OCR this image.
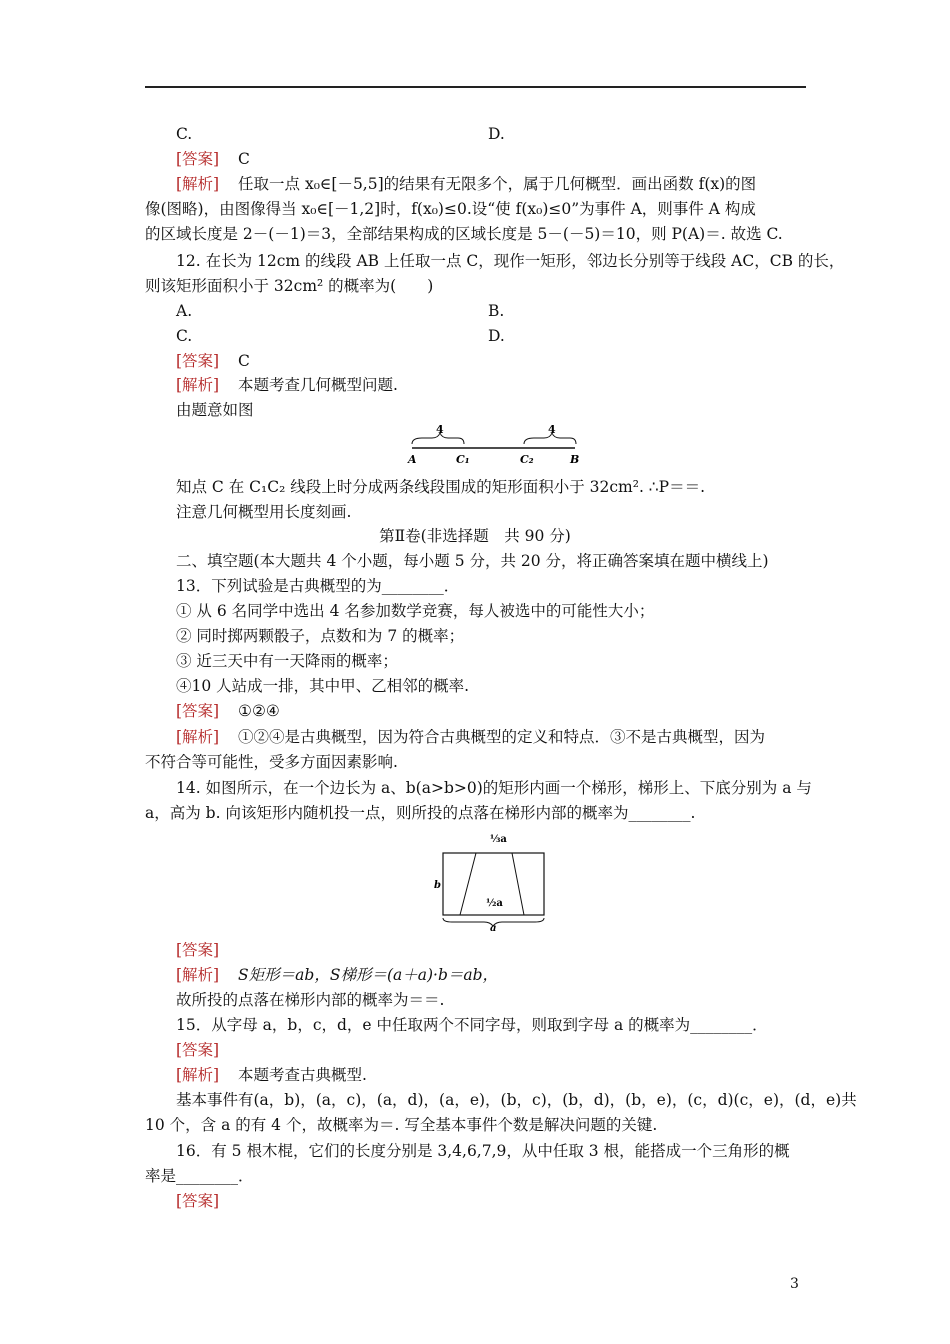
C.	D.
[答案] C
[解析] 任取一点 x₀∈[－5,5]的结果有无限多个，属于几何概型．画出函数 f(x)的图
像(图略)，由图像得当 x₀∈[－1,2]时，f(x₀)≤0.设“使 f(x₀)≤0”为事件 A，则事件 A 构成
的区域长度是 2－(－1)＝3，全部结果构成的区域长度是 5－(－5)＝10，则 P(A)＝. 故选 C.
12. 在长为 12cm 的线段 AB 上任取一点 C，现作一矩形，邻边长分别等于线段 AC，CB 的长，
则该矩形面积小于 32cm² 的概率为(　　)
A.	B.
C.	D.
[答案] C
[解析] 本题考查几何概型问题.
由题意如图
4	4
A	C₁	C₂	B
知点 C 在 C₁C₂ 线段上时分成两条线段围成的矩形面积小于 32cm². ∴P＝＝.
注意几何概型用长度刻画.
第Ⅱ卷(非选择题　共 90 分)
二、填空题(本大题共 4 个小题，每小题 5 分，共 20 分，将正确答案填在题中横线上)
13．下列试验是古典概型的为________．
① 从 6 名同学中选出 4 名参加数学竞赛，每人被选中的可能性大小；
② 同时掷两颗骰子，点数和为 7 的概率；
③ 近三天中有一天降雨的概率；
④10 人站成一排，其中甲、乙相邻的概率.
[答案] ①②④
[解析] ①②④是古典概型，因为符合古典概型的定义和特点．③不是古典概型，因为
不符合等可能性，受多方面因素影响.
14. 如图所示，在一个边长为 a、b(a>b>0)的矩形内画一个梯形，梯形上、下底分别为 a 与
a，高为 b. 向该矩形内随机投一点，则所投的点落在梯形内部的概率为________.
⅓a
½a
b
a
[答案]
[解析] S矩形＝ab，S梯形＝(a＋a)·b＝ab，
故所投的点落在梯形内部的概率为＝＝.
15．从字母 a，b，c，d，e 中任取两个不同字母，则取到字母 a 的概率为________．
[答案]
[解析] 本题考查古典概型.
基本事件有(a，b)，(a，c)，(a，d)，(a，e)，(b，c)，(b，d)，(b，e)，(c，d)(c，e)，(d，e)共
10 个，含 a 的有 4 个，故概率为＝. 写全基本事件个数是解决问题的关键.
16．有 5 根木棍，它们的长度分别是 3,4,6,7,9，从中任取 3 根，能搭成一个三角形的概
率是________．
[答案]
3
